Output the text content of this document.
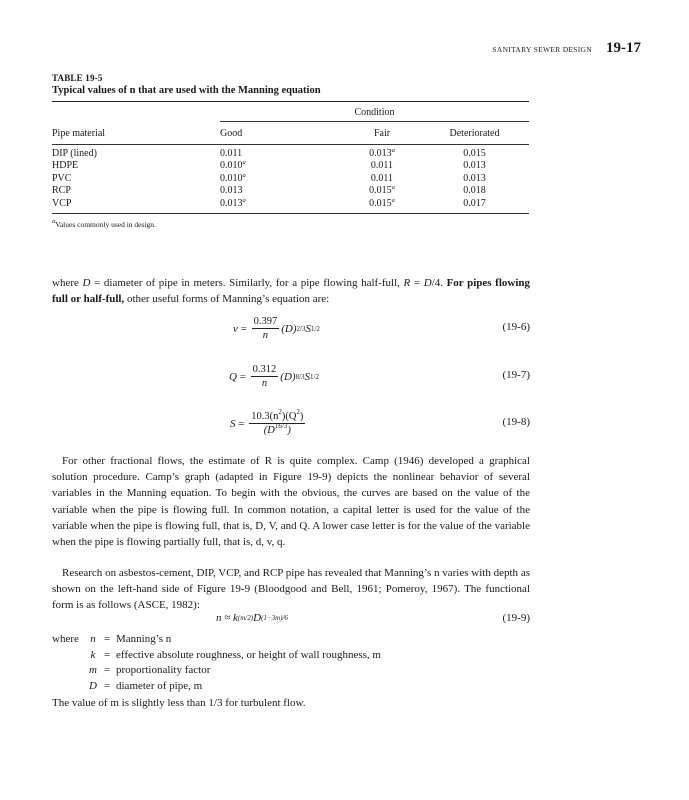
SANITARY SEWER DESIGN 19-17
TABLE 19-5
Typical values of n that are used with the Manning equation
Condition
Pipe material	Good	Fair	Deteriorated
DIP (lined)	0.011	0.013$^a$	0.015
HDPE	0.010$^a$	0.011	0.013
PVC	0.010$^a$	0.011	0.013
RCP	0.013	0.015$^a$	0.018
VCP	0.013$^a$	0.015$^a$	0.017
$^a$Values commonly used in design.
where D = diameter of pipe in meters. Similarly, for a pipe flowing half-full, R = D/4. For pipes flowing full or half-full, other useful forms of Manning’s equation are:
$v = \frac{0.397}{n} (D)$ 2/3 S 1/2	(19-6)
$Q = \frac{0.312}{n} (D)$ 8/3 S 1/2	(19-7)
$S = \frac{10.3(n^2)(Q^2)}{(D^{16/3})}$	(19-8)
For other fractional flows, the estimate of R is quite complex. Camp (1946) developed a graphical solution procedure. Camp’s graph (adapted in Figure 19-9) depicts the nonlinear behavior of several variables in the Manning equation. To begin with the obvious, the curves are based on the value of the variable when the pipe is flowing full. In common notation, a capital letter is used for the value of the variable when the pipe is flowing full, that is, D, V, and Q. A lower case letter is for the value of the variable when the pipe is flowing partially full, that is, d, v, q.
Research on asbestos-cement, DIP, VCP, and RCP pipe has revealed that Manning’s n varies with depth as shown on the left-hand side of Figure 19-9 (Bloodgood and Bell, 1961; Pomeroy, 1967). The functional form is as follows (ASCE, 1982):
n ≈ k (m/2) D (1−3m)/6	(19-9)
where	n = Manning’s n
k = effective absolute roughness, or height of wall roughness, m
m = proportionality factor
D = diameter of pipe, m
The value of m is slightly less than 1/3 for turbulent flow.
